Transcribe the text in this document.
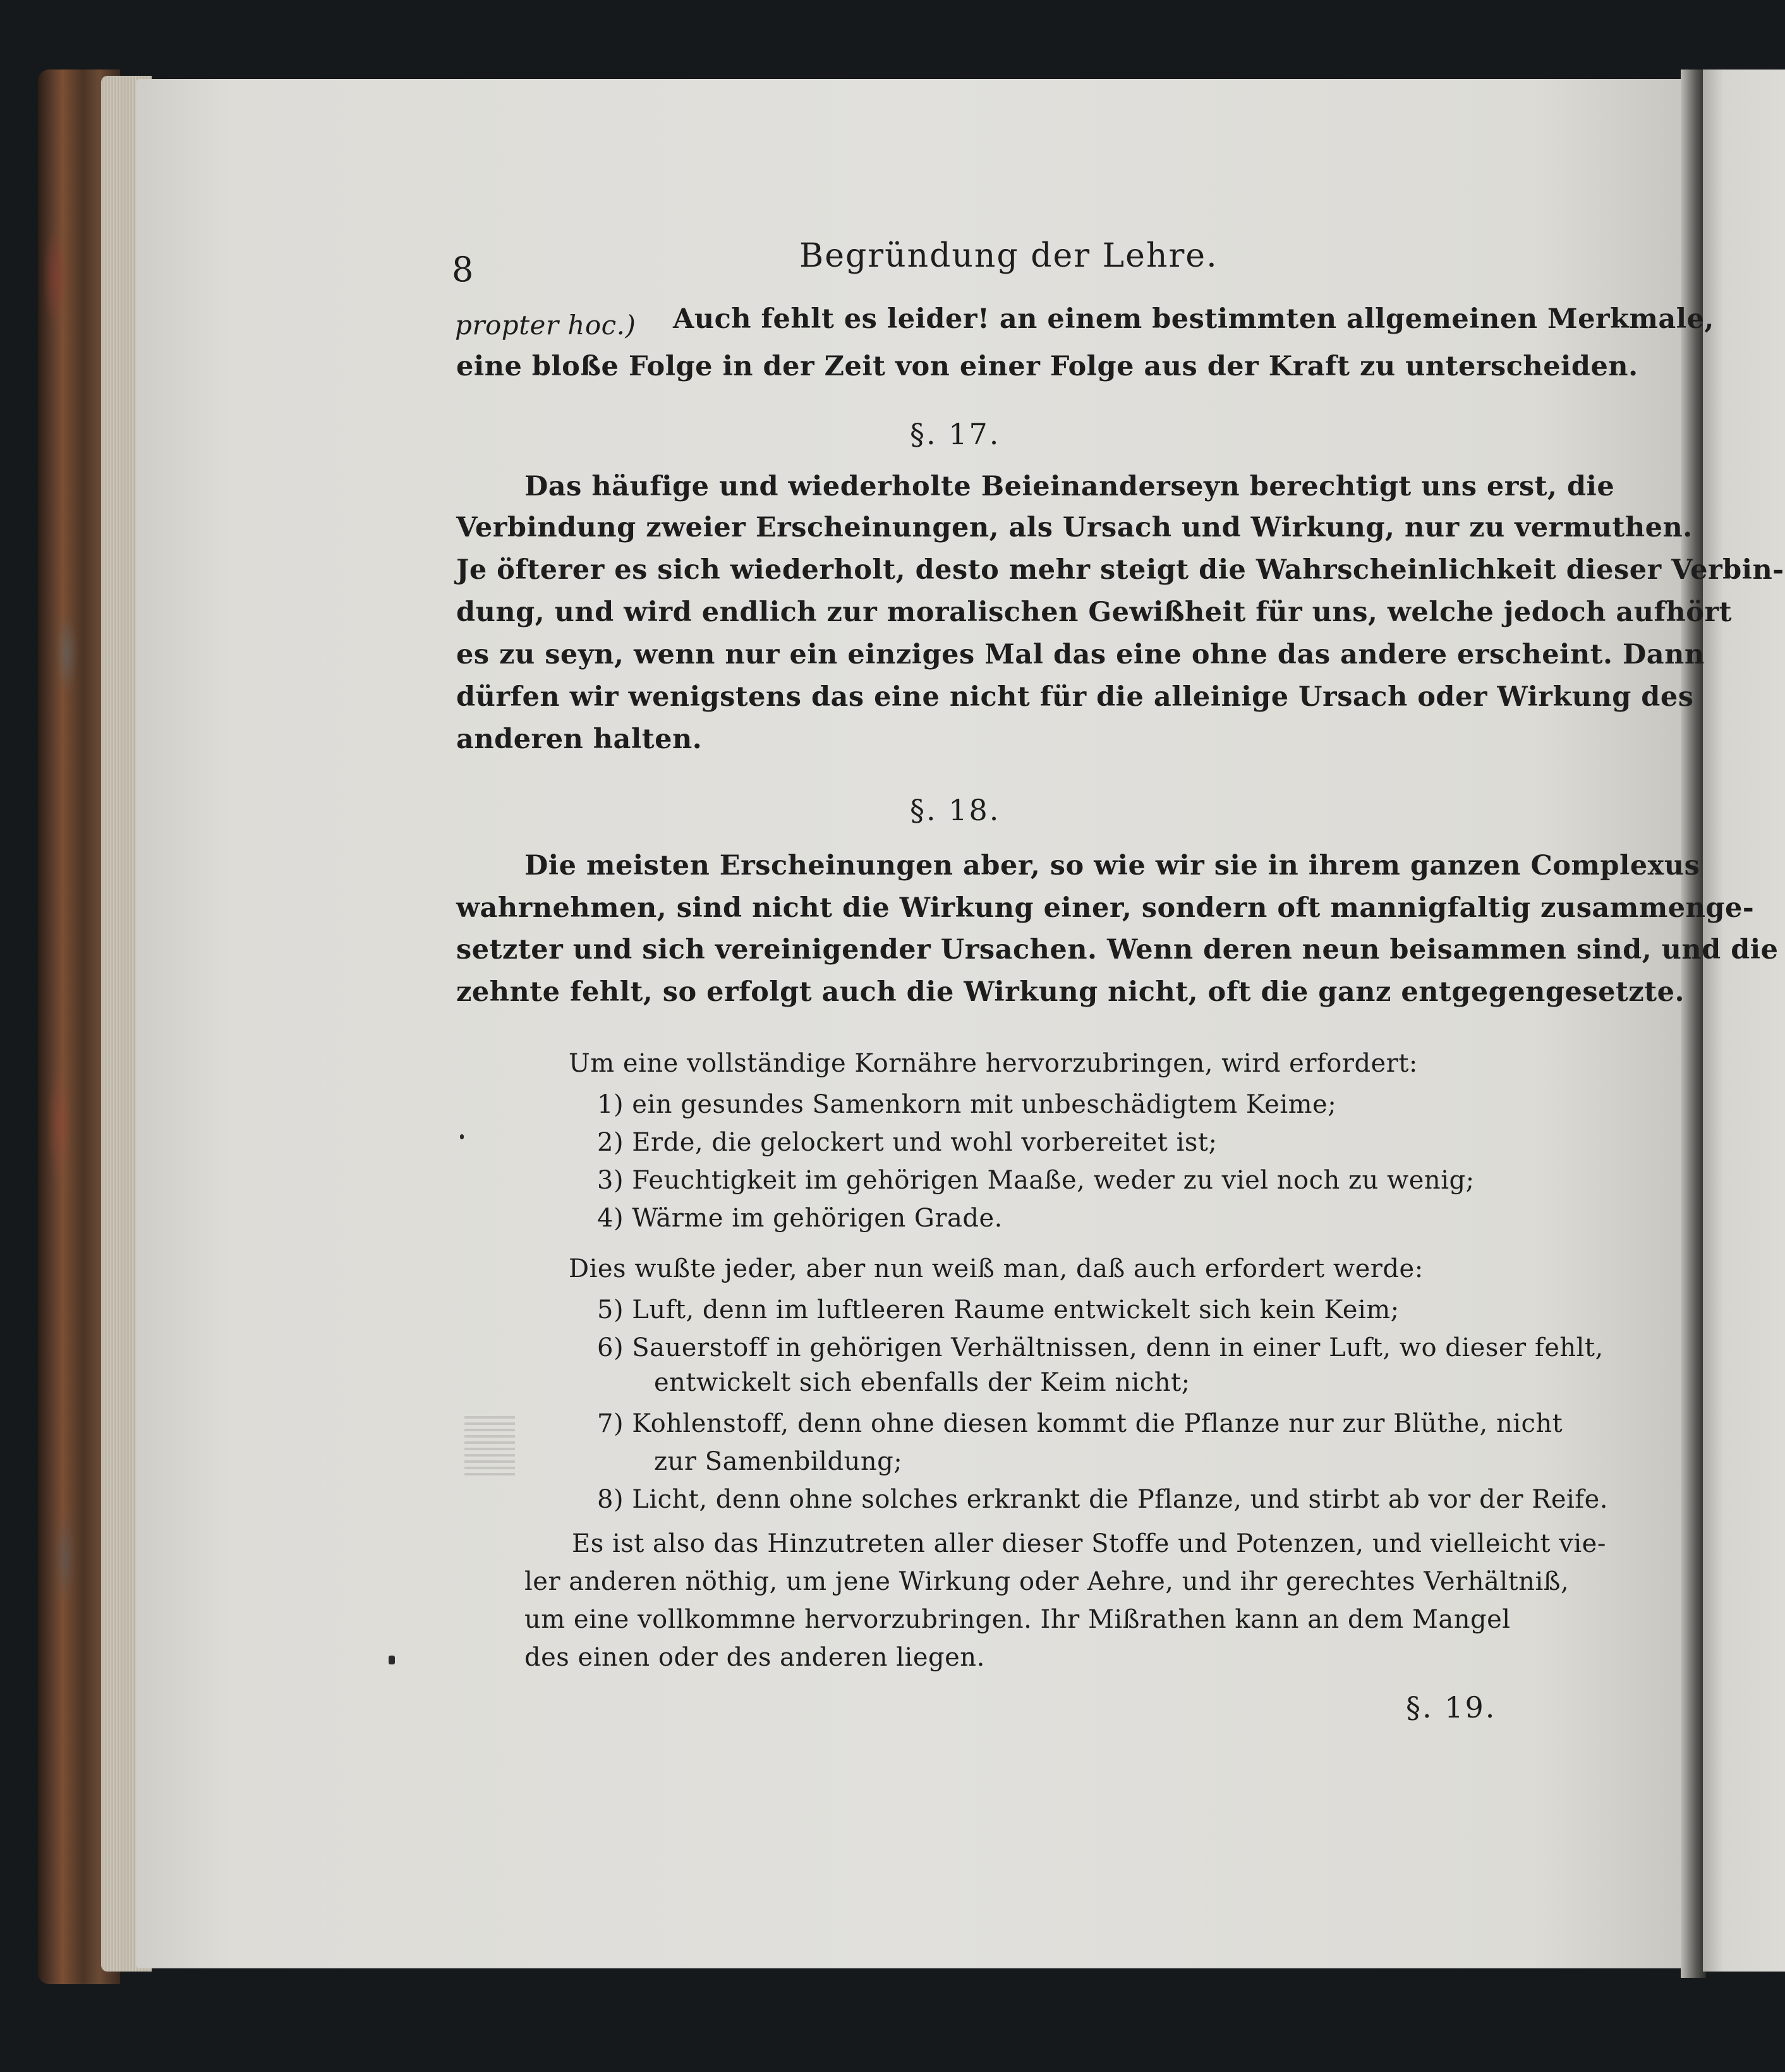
8	Begründung der Lehre.
propter hoc.) Auch fehlt es leider! an einem bestimmten allgemeinen Merkmale,
eine bloße Folge in der Zeit von einer Folge aus der Kraft zu unterscheiden.
§. 17.
Das häufige und wiederholte Beieinanderseyn berechtigt uns erst, die
Verbindung zweier Erscheinungen, als Ursach und Wirkung, nur zu vermuthen.
Je öfterer es sich wiederholt, desto mehr steigt die Wahrscheinlichkeit dieser Verbin-
dung, und wird endlich zur moralischen Gewißheit für uns, welche jedoch aufhört
es zu seyn, wenn nur ein einziges Mal das eine ohne das andere erscheint. Dann
dürfen wir wenigstens das eine nicht für die alleinige Ursach oder Wirkung des
anderen halten.
§. 18.
Die meisten Erscheinungen aber, so wie wir sie in ihrem ganzen Complexus
wahrnehmen, sind nicht die Wirkung einer, sondern oft mannigfaltig zusammenge-
setzter und sich vereinigender Ursachen. Wenn deren neun beisammen sind, und die
zehnte fehlt, so erfolgt auch die Wirkung nicht, oft die ganz entgegengesetzte.
Um eine vollständige Kornähre hervorzubringen, wird erfordert:
1) ein gesundes Samenkorn mit unbeschädigtem Keime;
2) Erde, die gelockert und wohl vorbereitet ist;
3) Feuchtigkeit im gehörigen Maaße, weder zu viel noch zu wenig;
4) Wärme im gehörigen Grade.
Dies wußte jeder, aber nun weiß man, daß auch erfordert werde:
5) Luft, denn im luftleeren Raume entwickelt sich kein Keim;
6) Sauerstoff in gehörigen Verhältnissen, denn in einer Luft, wo dieser fehlt,
entwickelt sich ebenfalls der Keim nicht;
7) Kohlenstoff, denn ohne diesen kommt die Pflanze nur zur Blüthe, nicht
zur Samenbildung;
8) Licht, denn ohne solches erkrankt die Pflanze, und stirbt ab vor der Reife.
Es ist also das Hinzutreten aller dieser Stoffe und Potenzen, und vielleicht vie-
ler anderen nöthig, um jene Wirkung oder Aehre, und ihr gerechtes Verhältniß,
um eine vollkommne hervorzubringen. Ihr Mißrathen kann an dem Mangel
des einen oder des anderen liegen.
§. 19.
